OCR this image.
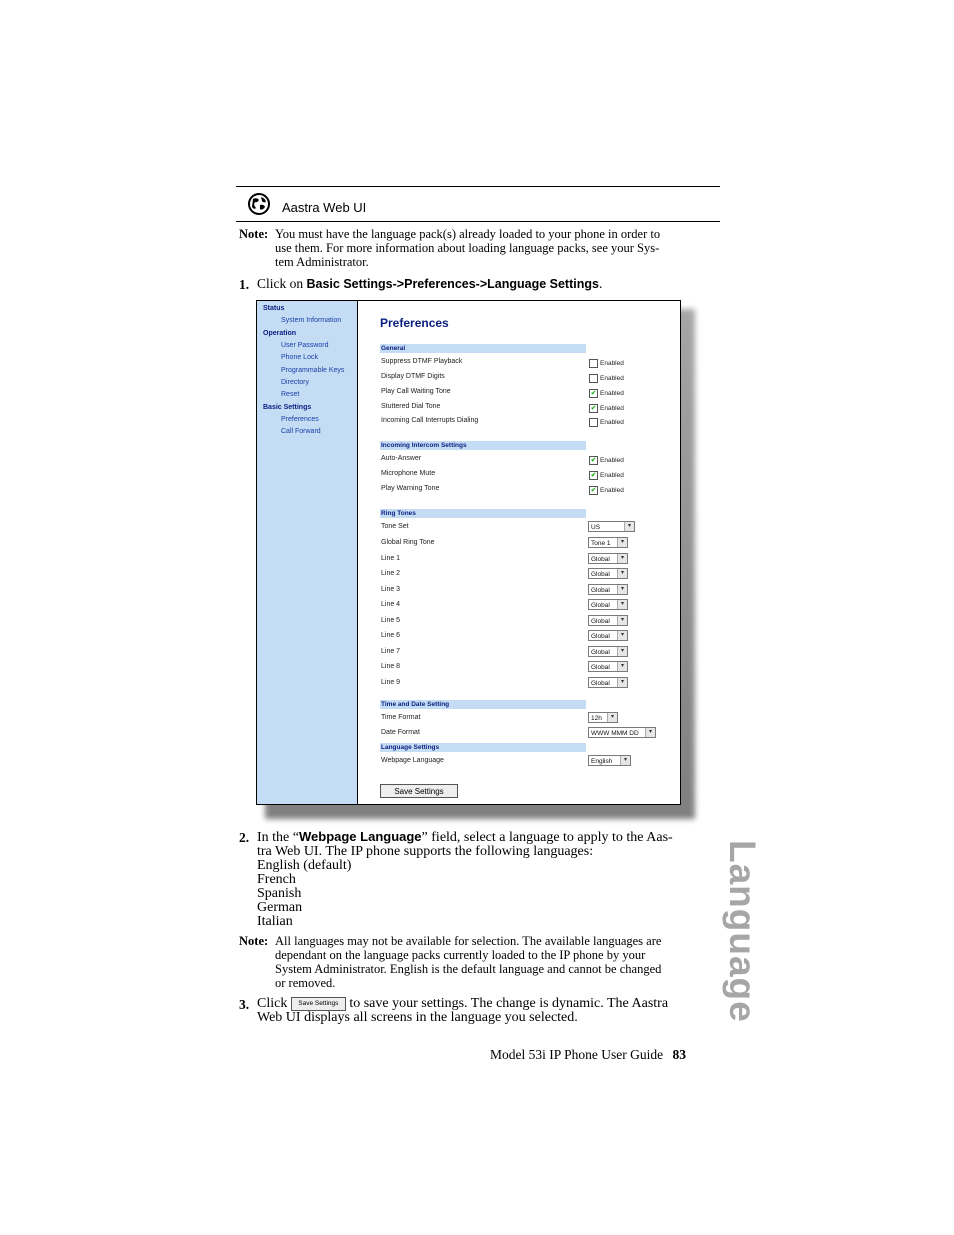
Aastra Web UI
Note: You must have the language pack(s) already loaded to your phone in order to
use them. For more information about loading language packs, see your Sys-
tem Administrator.
1. Click on Basic Settings->Preferences->Language Settings.
Status
System Information
Operation
User Password
Phone Lock
Programmable Keys
Directory
Reset
Basic Settings
Preferences
Call Forward
Preferences
General
Suppress DTMF Playback	Enabled
Display DTMF Digits	Enabled
Play Call Waiting Tone	✔ Enabled
Stuttered Dial Tone	✔ Enabled
Incoming Call Interrupts Dialing	Enabled
Incoming Intercom Settings
Auto-Answer	✔ Enabled
Microphone Mute	✔ Enabled
Play Warning Tone	✔ Enabled
Ring Tones
Tone Set	US	▾
Global Ring Tone	Tone 1	▾
Line 1	Global	▾
Line 2	Global	▾
Line 3	Global	▾
Line 4	Global	▾
Line 5	Global	▾
Line 6	Global	▾
Line 7	Global	▾
Line 8	Global	▾
Line 9	Global	▾
Time and Date Setting
Time Format	12h	▾
Date Format	WWW MMM DD	▾
Language Settings
Webpage Language	English	▾
Save Settings
2. In the “Webpage Language” field, select a language to apply to the Aas-
tra Web UI. The IP phone supports the following languages:
English (default)
French
Spanish
German
Italian
Note: All languages may not be available for selection. The available languages are
dependant on the language packs currently loaded to the IP phone by your
System Administrator. English is the default language and cannot be changed
or removed.
3. Click Save Settings to save your settings. The change is dynamic. The Aastra
Web UI displays all screens in the language you selected.
Model 53i IP Phone User Guide 83
Language
